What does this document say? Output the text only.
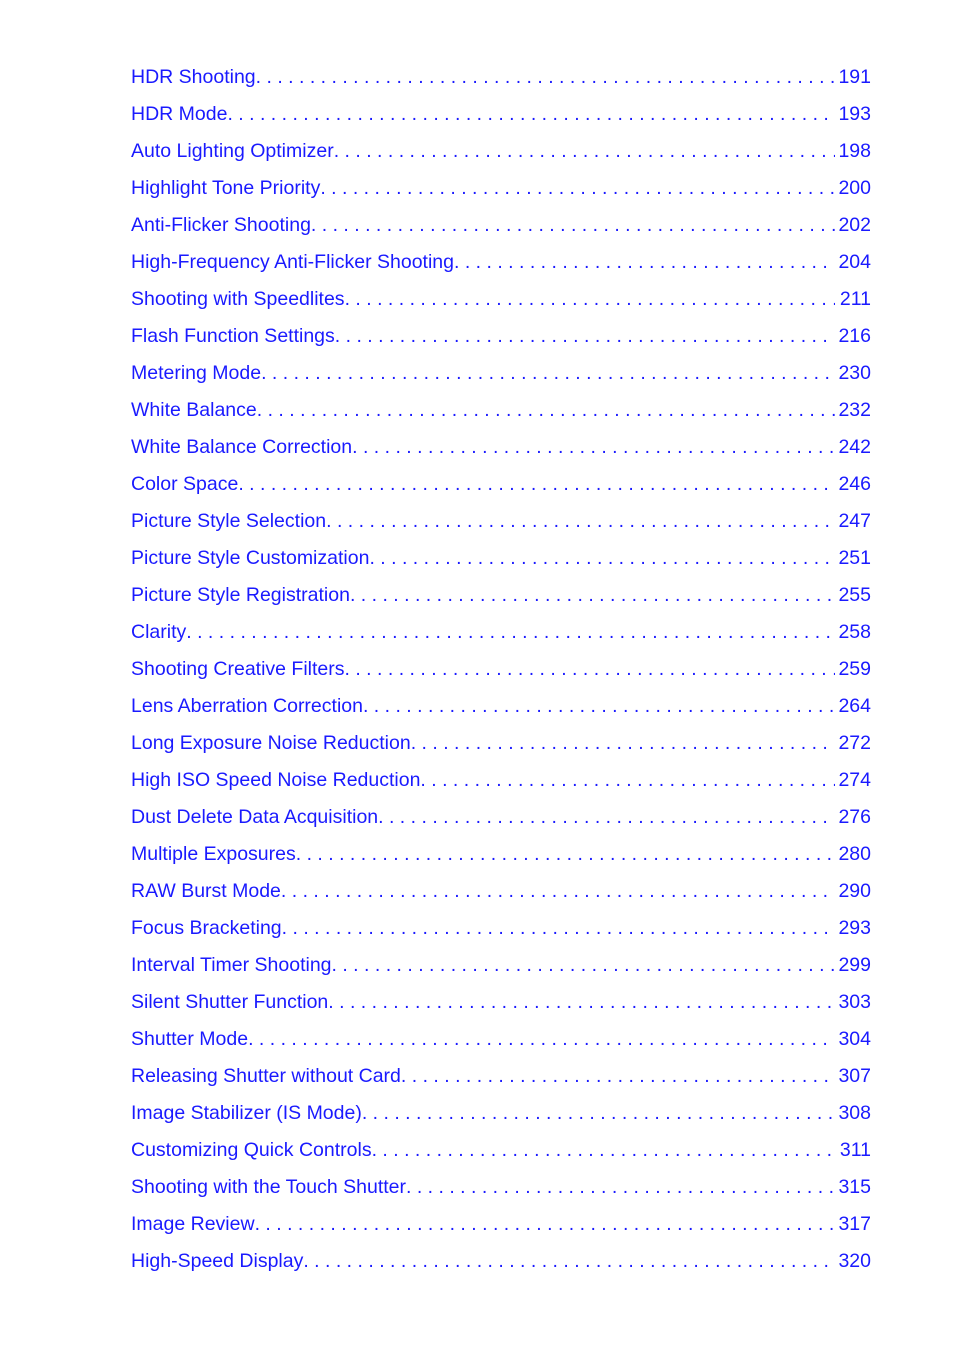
HDR Shooting . . .	191
HDR Mode . . .	193
Auto Lighting Optimizer . . .	198
Highlight Tone Priority . . .	200
Anti-Flicker Shooting . . .	202
High-Frequency Anti-Flicker Shooting . . .	204
Shooting with Speedlites . . .	211
Flash Function Settings . . .	216
Metering Mode . . .	230
White Balance . . .	232
White Balance Correction . . .	242
Color Space . . .	246
Picture Style Selection . . .	247
Picture Style Customization . . .	251
Picture Style Registration . . .	255
Clarity . . .	258
Shooting Creative Filters . . .	259
Lens Aberration Correction . . .	264
Long Exposure Noise Reduction . . .	272
High ISO Speed Noise Reduction . . .	274
Dust Delete Data Acquisition . . .	276
Multiple Exposures . . .	280
RAW Burst Mode . . .	290
Focus Bracketing . . .	293
Interval Timer Shooting . . .	299
Silent Shutter Function . . .	303
Shutter Mode . . .	304
Releasing Shutter without Card . . .	307
Image Stabilizer (IS Mode) . . .	308
Customizing Quick Controls . . .	311
Shooting with the Touch Shutter . . .	315
Image Review . . .	317
High-Speed Display . . .	320
